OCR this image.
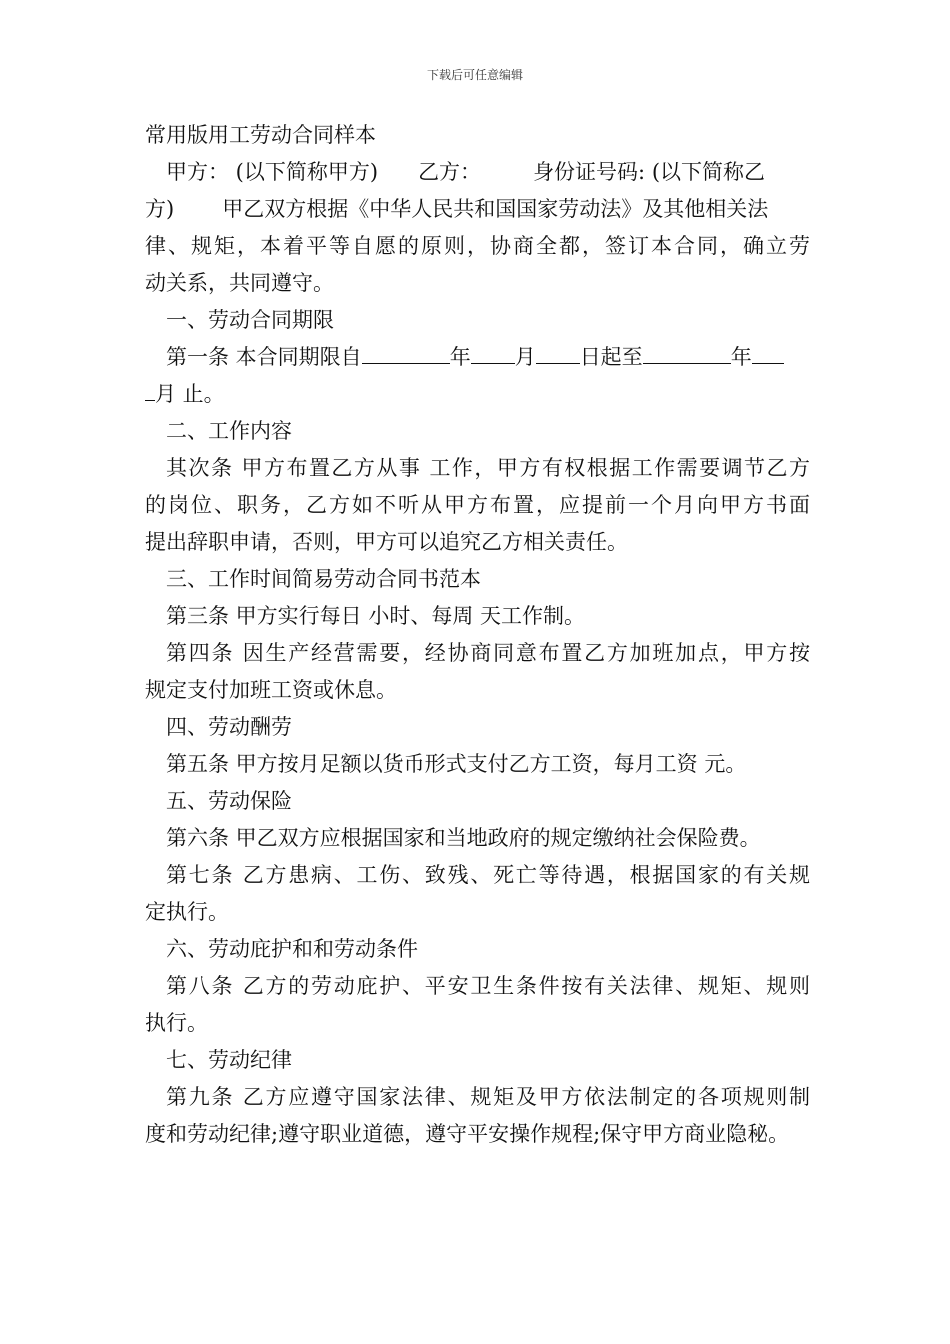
下载后可任意编辑
常用版用工劳动合同样本
甲方： (以下简称甲方) 乙方： 身份证号码: (以下简称乙
方) 甲乙双方根据《中华人民共和国国家劳动法》及其他相关法
律、规矩，本着平等自愿的原则，协商全都，签订本合同，确立劳
动关系，共同遵守。
一、劳动合同期限
第一条 本合同期限自	年 月 日起至	年
月 止。
二、工作内容
其次条 甲方布置乙方从事 工作，甲方有权根据工作需要调节乙方
的岗位、职务，乙方如不听从甲方布置，应提前一个月向甲方书面
提出辞职申请，否则，甲方可以追究乙方相关责任。
三、工作时间简易劳动合同书范本
第三条 甲方实行每日 小时、每周 天工作制。
第四条 因生产经营需要，经协商同意布置乙方加班加点，甲方按
规定支付加班工资或休息。
四、劳动酬劳
第五条 甲方按月足额以货币形式支付乙方工资，每月工资 元。
五、劳动保险
第六条 甲乙双方应根据国家和当地政府的规定缴纳社会保险费。
第七条 乙方患病、工伤、致残、死亡等待遇，根据国家的有关规
定执行。
六、劳动庇护和和劳动条件
第八条 乙方的劳动庇护、平安卫生条件按有关法律、规矩、规则
执行。
七、劳动纪律
第九条 乙方应遵守国家法律、规矩及甲方依法制定的各项规则制
度和劳动纪律;遵守职业道德，遵守平安操作规程;保守甲方商业隐秘。
